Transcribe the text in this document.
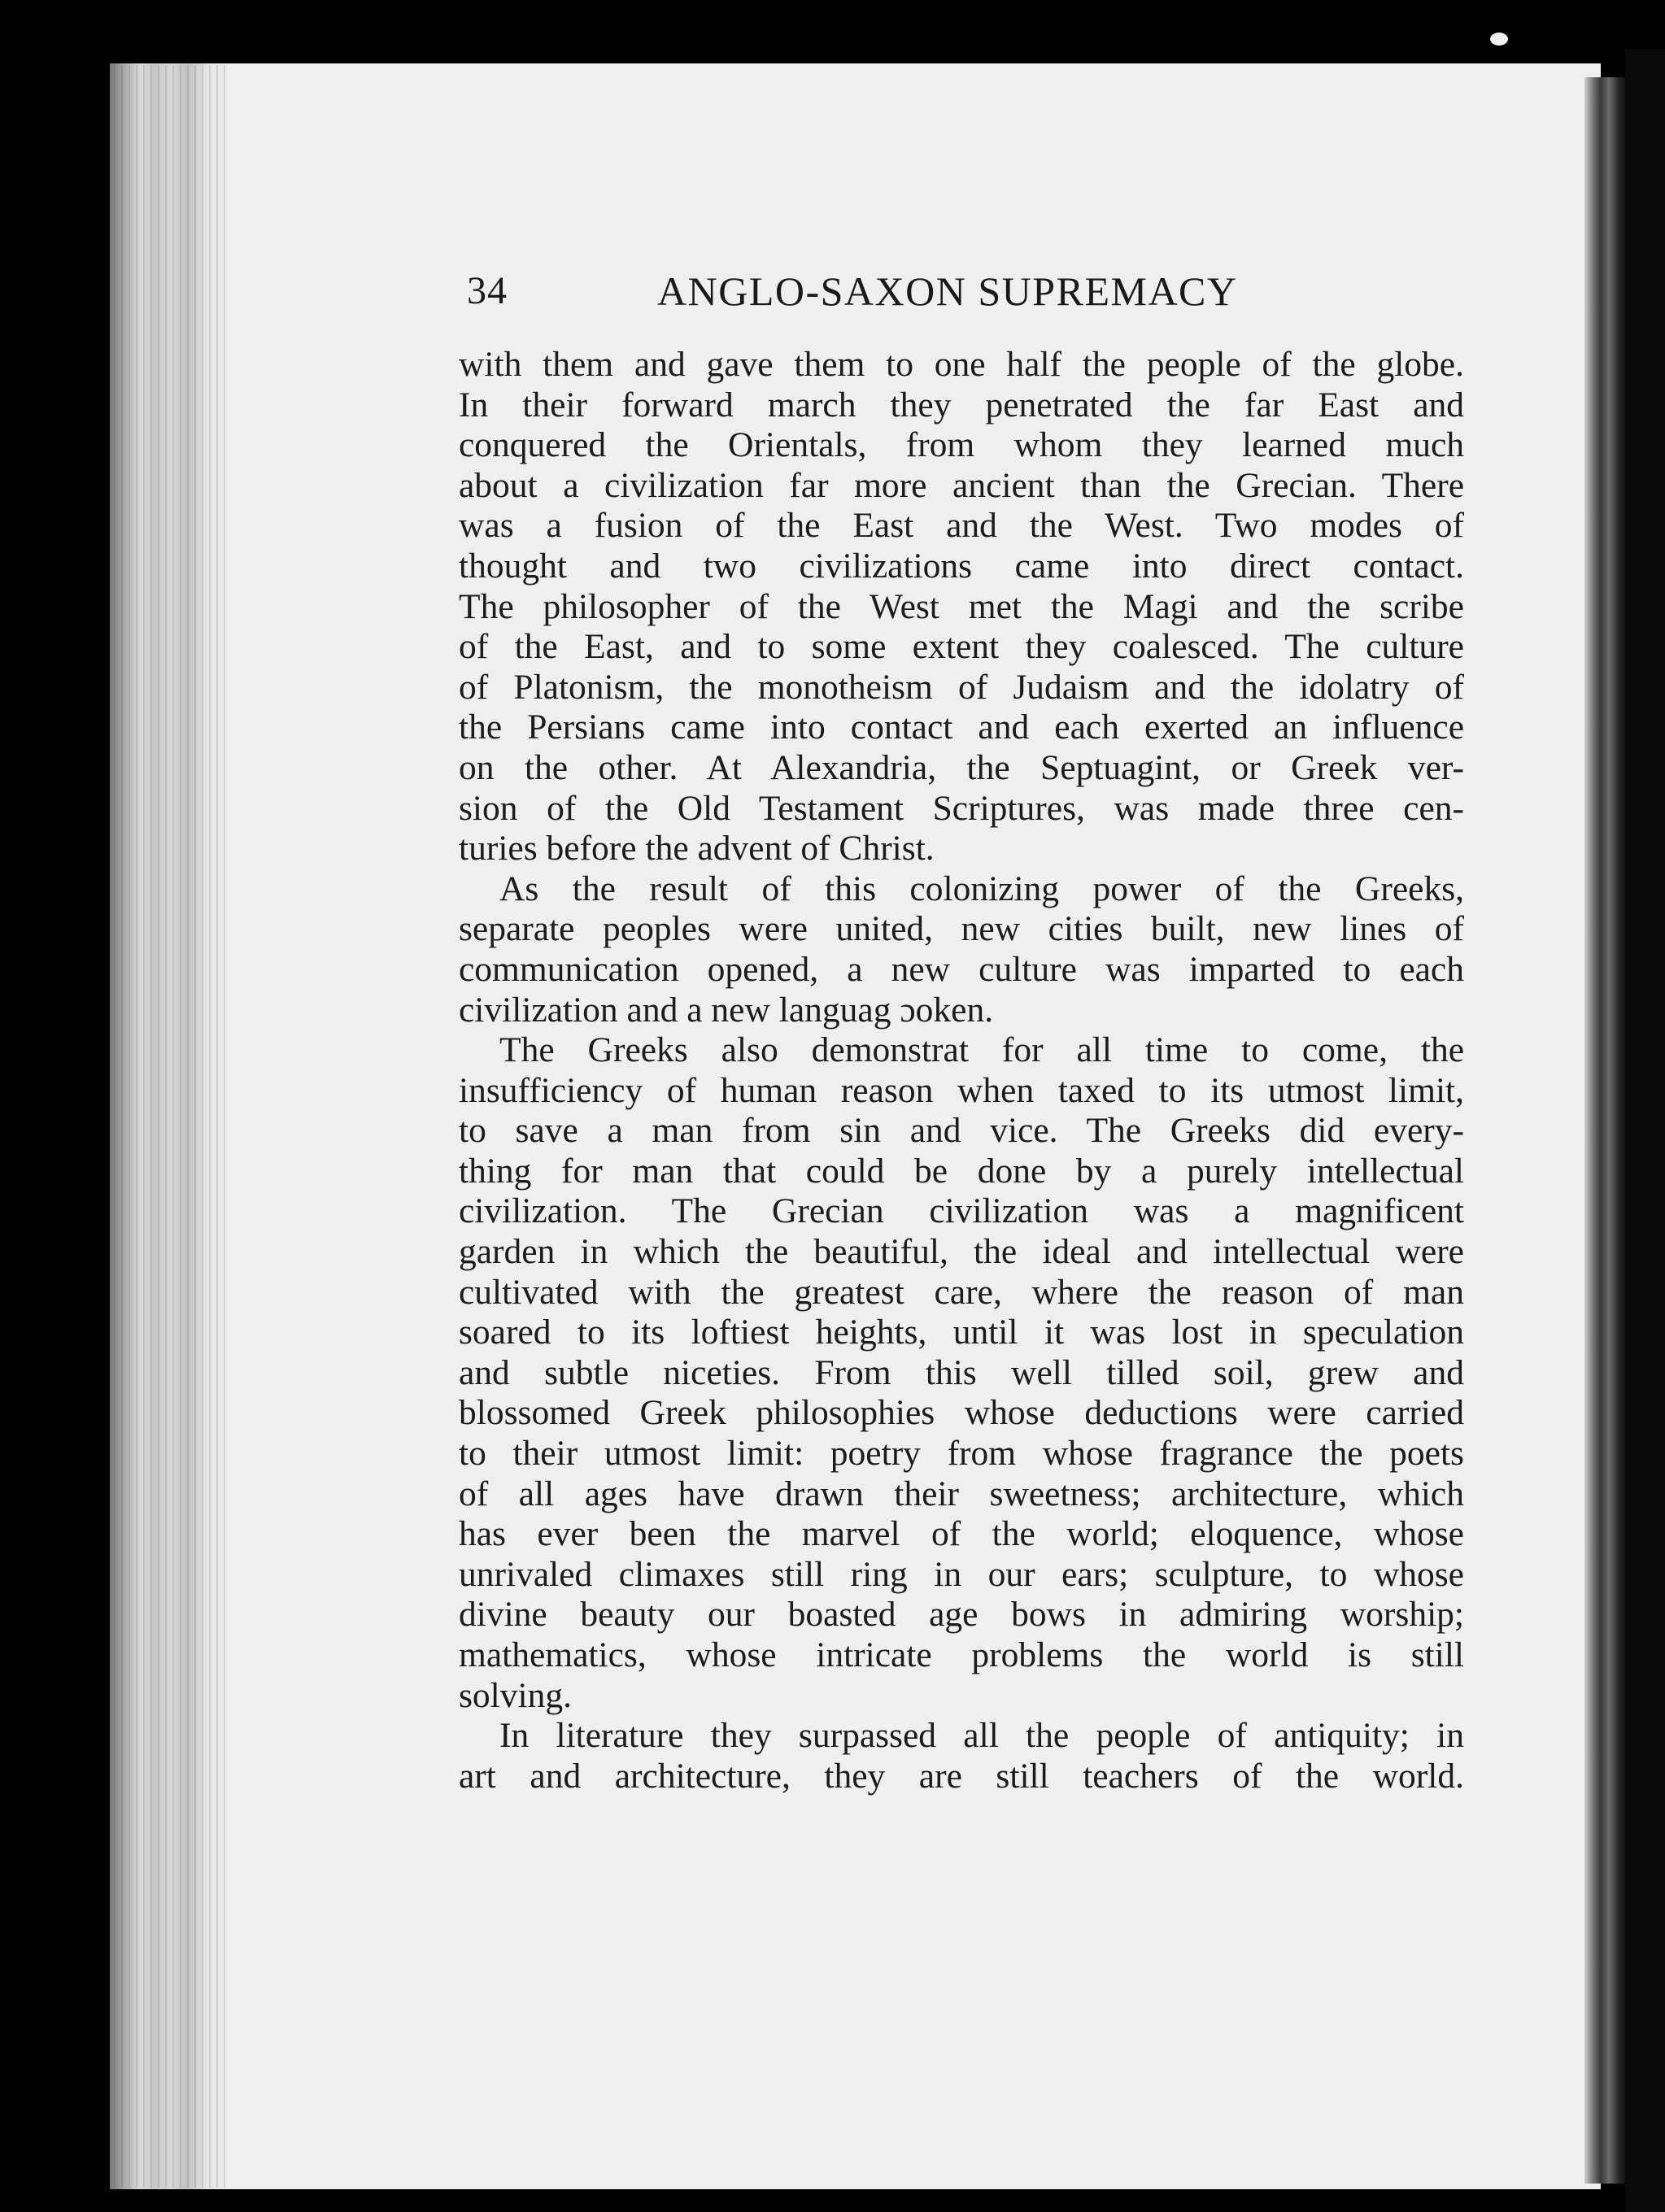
34	ANGLO-SAXON SUPREMACY
with them and gave them to one half the people of the globe.
In their forward march they penetrated the far East and
conquered the Orientals, from whom they learned much
about a civilization far more ancient than the Grecian. There
was a fusion of the East and the West. Two modes of
thought and two civilizations came into direct contact.
The philosopher of the West met the Magi and the scribe
of the East, and to some extent they coalesced. The culture
of Platonism, the monotheism of Judaism and the idolatry of
the Persians came into contact and each exerted an influence
on the other. At Alexandria, the Septuagint, or Greek ver-
sion of the Old Testament Scriptures, was made three cen-
turies before the advent of Christ.
As the result of this colonizing power of the Greeks,
separate peoples were united, new cities built, new lines of
communication opened, a new culture was imparted to each
civilization and a new languag ɔoken.
The Greeks also demonstrat for all time to come, the
insufficiency of human reason when taxed to its utmost limit,
to save a man from sin and vice. The Greeks did every-
thing for man that could be done by a purely intellectual
civilization. The Grecian civilization was a magnificent
garden in which the beautiful, the ideal and intellectual were
cultivated with the greatest care, where the reason of man
soared to its loftiest heights, until it was lost in speculation
and subtle niceties. From this well tilled soil, grew and
blossomed Greek philosophies whose deductions were carried
to their utmost limit: poetry from whose fragrance the poets
of all ages have drawn their sweetness; architecture, which
has ever been the marvel of the world; eloquence, whose
unrivaled climaxes still ring in our ears; sculpture, to whose
divine beauty our boasted age bows in admiring worship;
mathematics, whose intricate problems the world is still
solving.
In literature they surpassed all the people of antiquity; in
art and architecture, they are still teachers of the world.
